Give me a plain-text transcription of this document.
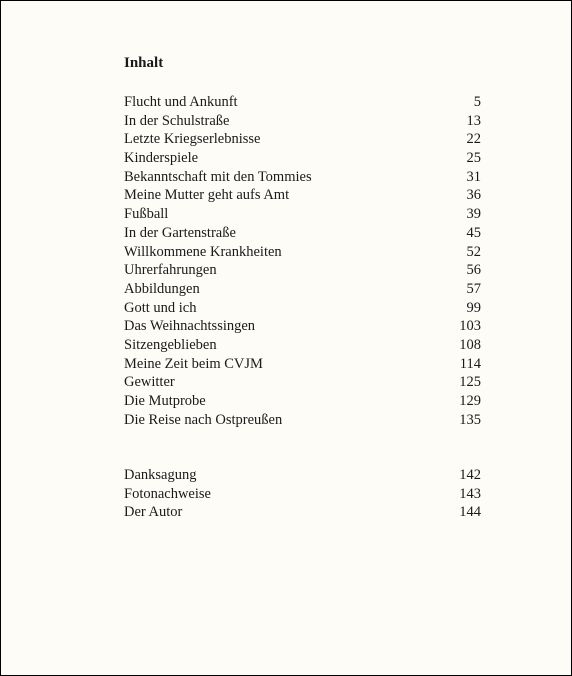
Inhalt
Flucht und Ankunft	5
In der Schulstraße	13
Letzte Kriegserlebnisse	22
Kinderspiele	25
Bekanntschaft mit den Tommies	31
Meine Mutter geht aufs Amt	36
Fußball	39
In der Gartenstraße	45
Willkommene Krankheiten	52
Uhrerfahrungen	56
Abbildungen	57
Gott und ich	99
Das Weihnachtssingen	103
Sitzengeblieben	108
Meine Zeit beim CVJM	114
Gewitter	125
Die Mutprobe	129
Die Reise nach Ostpreußen	135
Danksagung	142
Fotonachweise	143
Der Autor	144
